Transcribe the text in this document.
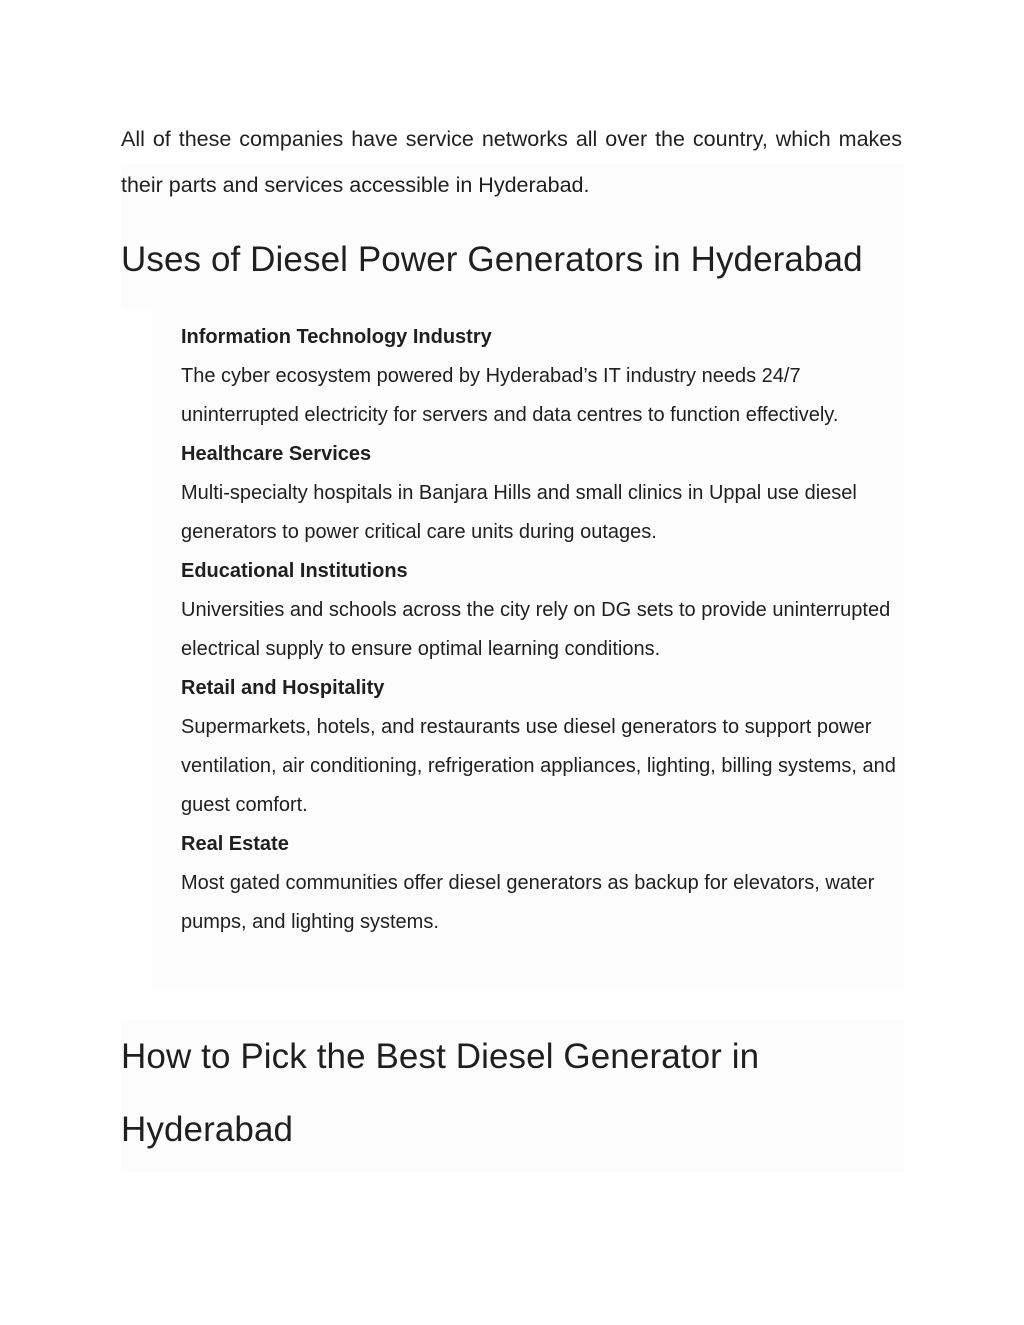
All of these companies have service networks all over the country, which makes their parts and services accessible in Hyderabad.

Uses of Diesel Power Generators in Hyderabad
Information Technology Industry
The cyber ecosystem powered by Hyderabad’s IT industry needs 24/7 uninterrupted electricity for servers and data centres to function effectively.
Healthcare Services
Multi-specialty hospitals in Banjara Hills and small clinics in Uppal use diesel generators to power critical care units during outages.
Educational Institutions
Universities and schools across the city rely on DG sets to provide uninterrupted electrical supply to ensure optimal learning conditions.
Retail and Hospitality
Supermarkets, hotels, and restaurants use diesel generators to support power ventilation, air conditioning, refrigeration appliances, lighting, billing systems, and guest comfort.
Real Estate
Most gated communities offer diesel generators as backup for elevators, water pumps, and lighting systems.
How to Pick the Best Diesel Generator in Hyderabad
